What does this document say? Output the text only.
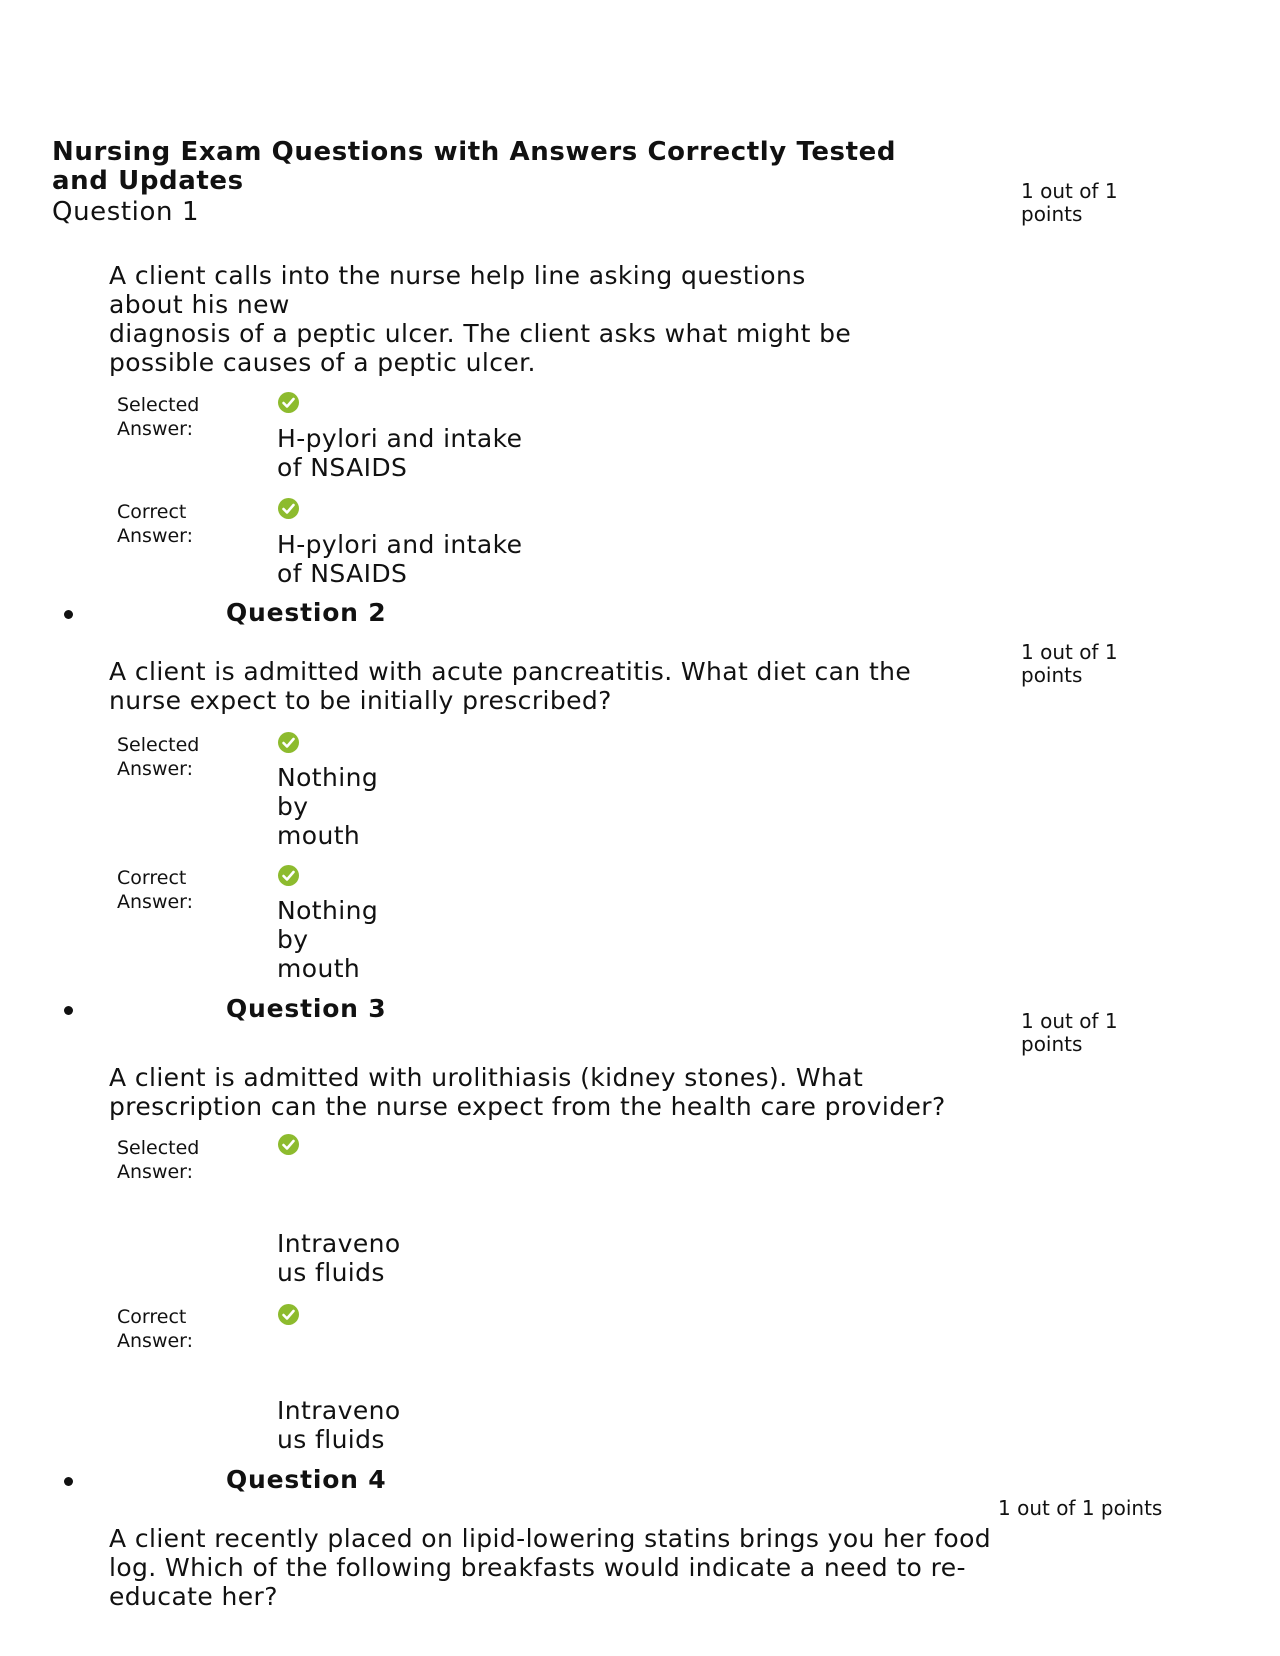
Nursing Exam Questions with Answers Correctly Tested and Updates
Question 1
1 out of 1
points
A client calls into the nurse help line asking questions
about his new
diagnosis of a peptic ulcer. The client asks what might be
possible causes of a peptic ulcer.
Selected
Answer:	H-pylori and intake
of NSAIDS
Correct
Answer:	H-pylori and intake
of NSAIDS
Question 2
1 out of 1
points
A client is admitted with acute pancreatitis. What diet can the
nurse expect to be initially prescribed?
Selected
Answer:	Nothing
by
mouth
Correct
Answer:	Nothing
by
mouth
Question 3	1 out of 1
points
A client is admitted with urolithiasis (kidney stones). What
prescription can the nurse expect from the health care provider?
Selected
Answer:
Intraveno
us fluids
Correct
Answer:
Intraveno
us fluids
Question 4
1 out of 1 points
A client recently placed on lipid-lowering statins brings you her food
log. Which of the following breakfasts would indicate a need to re-
educate her?
